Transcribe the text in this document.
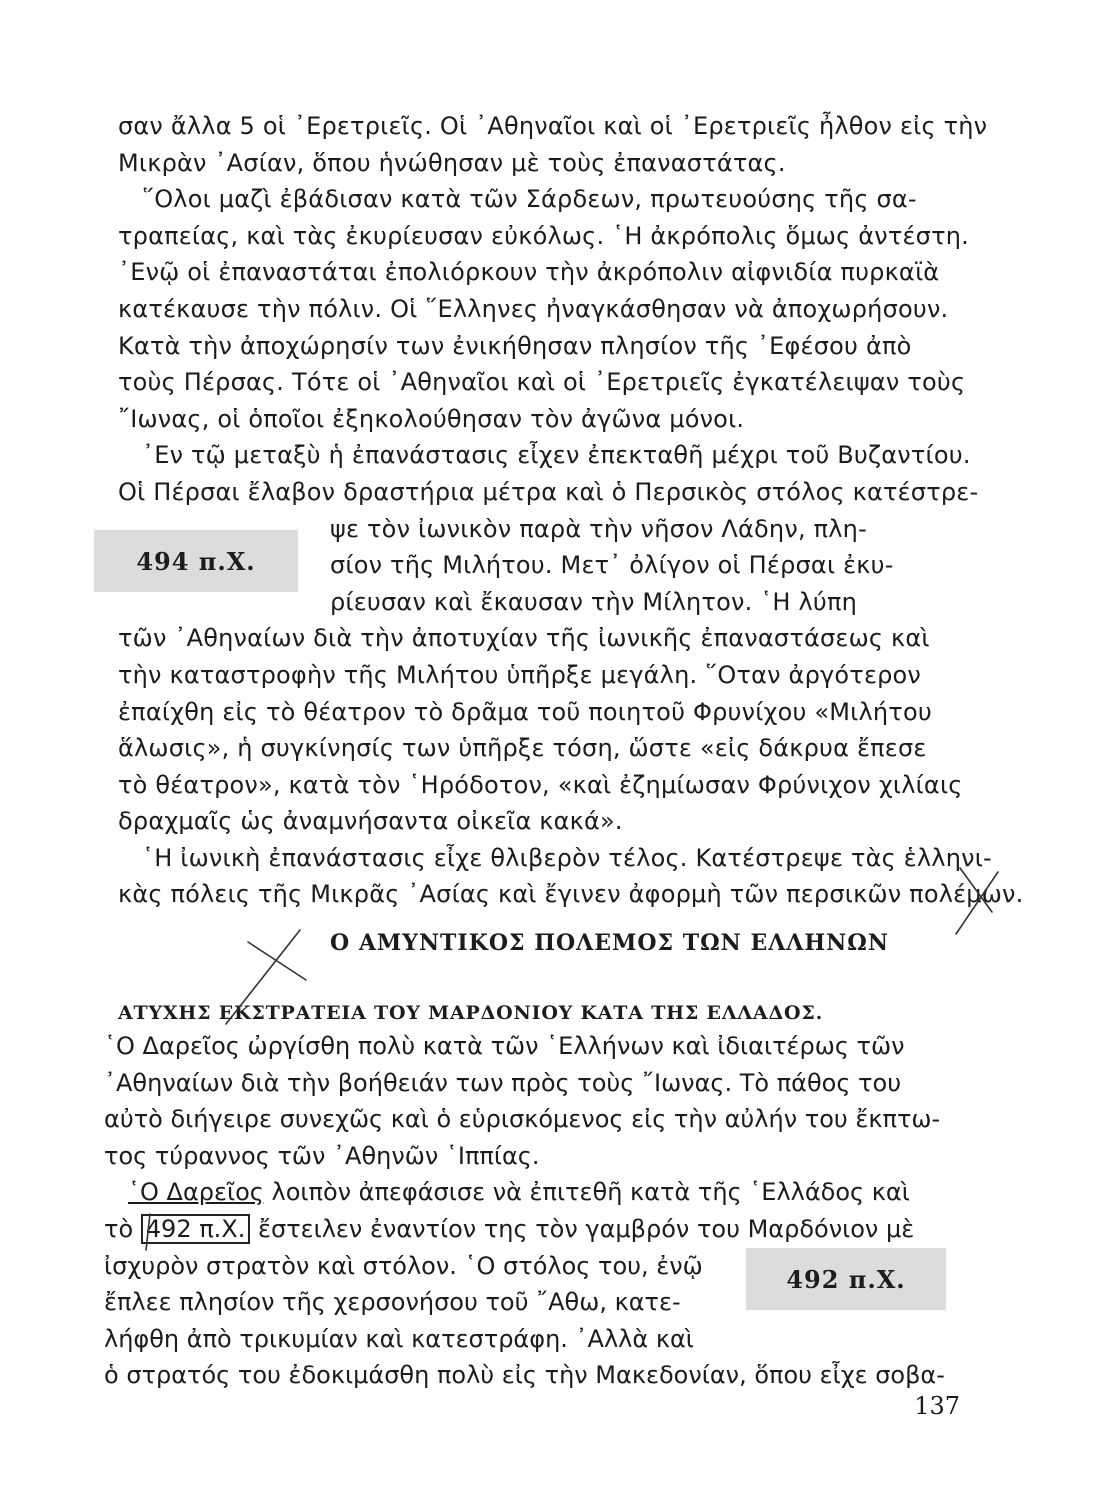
σαν ἄλλα 5 οἱ ᾿Ερετριεῖς. Οἱ ᾿Αθηναῖοι καὶ οἱ ᾿Ερετριεῖς ἦλθον εἰς τὴν
Μικρὰν ᾿Ασίαν, ὅπου ἡνώθησαν μὲ τοὺς ἐπαναστάτας.
῞Ολοι μαζὶ ἐβάδισαν κατὰ τῶν Σάρδεων, πρωτευούσης τῆς σα-
τραπείας, καὶ τὰς ἐκυρίευσαν εὐκόλως. ῾Η ἀκρόπολις ὅμως ἀντέστη.
᾿Ενῷ οἱ ἐπαναστάται ἐπολιόρκουν τὴν ἀκρόπολιν αἰφνιδία πυρκαϊὰ
κατέκαυσε τὴν πόλιν. Οἱ ῞Ελληνες ἠναγκάσθησαν νὰ ἀποχωρήσουν.
Κατὰ τὴν ἀποχώρησίν των ἐνικήθησαν πλησίον τῆς ᾿Εφέσου ἀπὸ
τοὺς Πέρσας. Τότε οἱ ᾿Αθηναῖοι καὶ οἱ ᾿Ερετριεῖς ἐγκατέλειψαν τοὺς
῎Ιωνας, οἱ ὁποῖοι ἐξηκολούθησαν τὸν ἀγῶνα μόνοι.
᾿Εν τῷ μεταξὺ ἡ ἐπανάστασις εἶχεν ἐπεκταθῆ μέχρι τοῦ Βυζαντίου.
Οἱ Πέρσαι ἔλαβον δραστήρια μέτρα καὶ ὁ Περσικὸς στόλος κατέστρε-
ψε τὸν ἰωνικὸν παρὰ τὴν νῆσον Λάδην, πλη-
σίον τῆς Μιλήτου. Μετ᾿ ὀλίγον οἱ Πέρσαι ἐκυ-
ρίευσαν καὶ ἔκαυσαν τὴν Μίλητον. ῾Η λύπη
τῶν ᾿Αθηναίων διὰ τὴν ἀποτυχίαν τῆς ἰωνικῆς ἐπαναστάσεως καὶ
τὴν καταστροφὴν τῆς Μιλήτου ὑπῆρξε μεγάλη. ῞Οταν ἀργότερον
ἐπαίχθη εἰς τὸ θέατρον τὸ δρᾶμα τοῦ ποιητοῦ Φρυνίχου «Μιλήτου
ἅλωσις», ἡ συγκίνησίς των ὑπῆρξε τόση, ὥστε «εἰς δάκρυα ἔπεσε
τὸ θέατρον», κατὰ τὸν ῾Ηρόδοτον, «καὶ ἐζημίωσαν Φρύνιχον χιλίαις
δραχμαῖς ὡς ἀναμνήσαντα οἰκεῖα κακά».
῾Η ἰωνικὴ ἐπανάστασις εἶχε θλιβερὸν τέλος. Κατέστρεψε τὰς ἑλληνι-
κὰς πόλεις τῆς Μικρᾶς ᾿Ασίας καὶ ἔγινεν ἀφορμὴ τῶν περσικῶν πολέμων.
494 π.Χ.
Ο ΑΜΥΝΤΙΚΟΣ ΠΟΛΕΜΟΣ ΤΩΝ ΕΛΛΗΝΩΝ
ΑΤΥΧΗΣ ΕΚΣΤΡΑΤΕΙΑ ΤΟΥ ΜΑΡΔΟΝΙΟΥ ΚΑΤΑ ΤΗΣ ΕΛΛΑΔΟΣ.
῾Ο Δαρεῖος ὠργίσθη πολὺ κατὰ τῶν ῾Ελλήνων καὶ ἰδιαιτέρως τῶν
᾿Αθηναίων διὰ τὴν βοήθειάν των πρὸς τοὺς ῎Ιωνας. Τὸ πάθος του
αὐτὸ διήγειρε συνεχῶς καὶ ὁ εὑρισκόμενος εἰς τὴν αὐλήν του ἔκπτω-
τος τύραννος τῶν ᾿Αθηνῶν ῾Ιππίας.
῾Ο Δαρεῖος λοιπὸν ἀπεφάσισε νὰ ἐπιτεθῆ κατὰ τῆς ῾Ελλάδος καὶ
τὸ 492 π.Χ. ἔστειλεν ἐναντίον της τὸν γαμβρόν του Μαρδόνιον μὲ
ἰσχυρὸν στρατὸν καὶ στόλον. ῾Ο στόλος του, ἐνῷ
ἔπλεε πλησίον τῆς χερσονήσου τοῦ ῎Αθω, κατε-
λήφθη ἀπὸ τρικυμίαν καὶ κατεστράφη. ᾿Αλλὰ καὶ
ὁ στρατός του ἐδοκιμάσθη πολὺ εἰς τὴν Μακεδονίαν, ὅπου εἶχε σοβα-
492 π.Χ.
137
